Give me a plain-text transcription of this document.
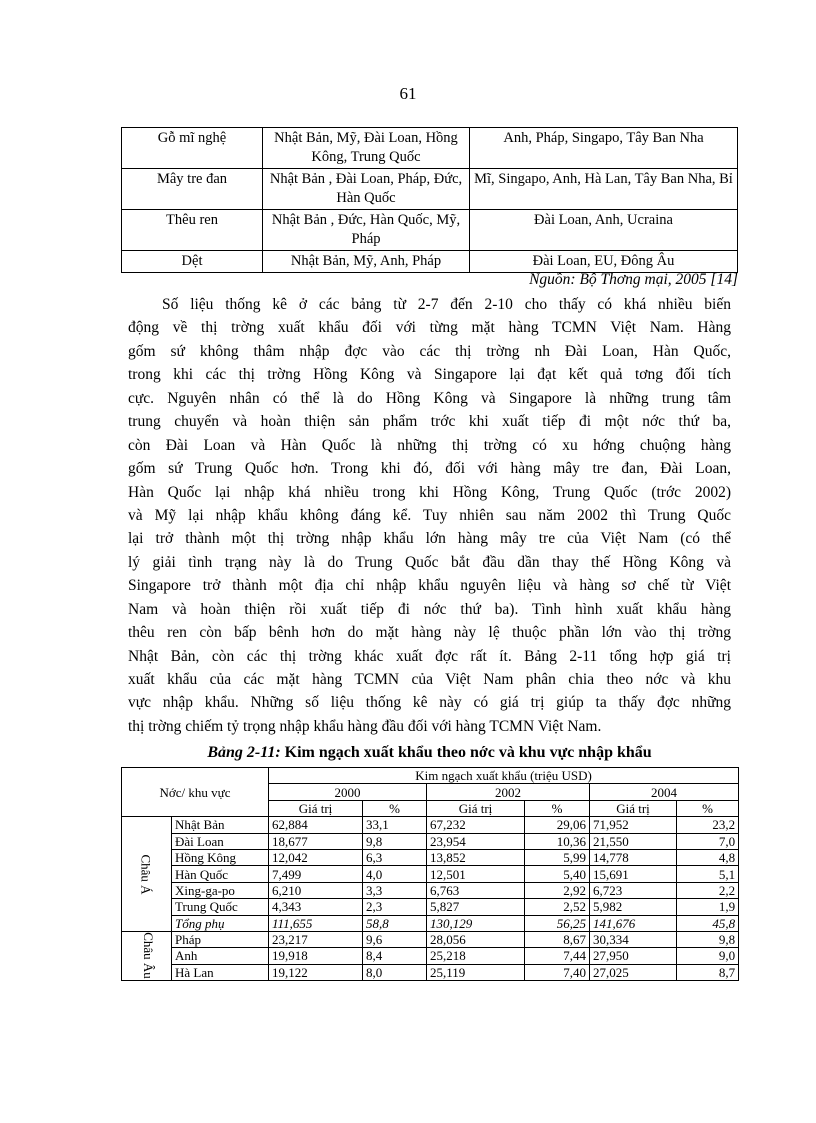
61
Gỗ mĩ nghệ	Nhật Bản, Mỹ, Đài Loan, Hồng Kông, Trung Quốc	Anh, Pháp, Singapo, Tây Ban Nha
Mây tre đan	Nhật Bản , Đài Loan, Pháp, Đức, Hàn Quốc	Mĩ, Singapo, Anh, Hà Lan, Tây Ban Nha, Bỉ
Thêu ren	Nhật Bản , Đức, Hàn Quốc, Mỹ, Pháp	Đài Loan, Anh, Ucraina
Dệt	Nhật Bản, Mỹ, Anh, Pháp	Đài Loan, EU, Đông Âu
Nguồn: Bộ Thơng mại, 2005 [14]
Số liệu thống kê ở các bảng từ 2-7 đến 2-10 cho thấy có khá nhiều biến
động về thị trờng xuất khẩu đối với từng mặt hàng TCMN Việt Nam. Hàng
gốm sứ không thâm nhập đợc vào các thị trờng nh Đài Loan, Hàn Quốc,
trong khi các thị trờng Hồng Kông và Singapore lại đạt kết quả tơng đối tích
cực. Nguyên nhân có thể là do Hồng Kông và Singapore là những trung tâm
trung chuyển và hoàn thiện sản phẩm trớc khi xuất tiếp đi một nớc thứ ba,
còn Đài Loan và Hàn Quốc là những thị trờng có xu hớng chuộng hàng
gốm sứ Trung Quốc hơn. Trong khi đó, đối với hàng mây tre đan, Đài Loan,
Hàn Quốc lại nhập khá nhiều trong khi Hồng Kông, Trung Quốc (trớc 2002)
và Mỹ lại nhập khẩu không đáng kể. Tuy nhiên sau năm 2002 thì Trung Quốc
lại trở thành một thị trờng nhập khẩu lớn hàng mây tre của Việt Nam (có thể
lý giải tình trạng này là do Trung Quốc bắt đầu dần thay thế Hồng Kông và
Singapore trở thành một địa chỉ nhập khẩu nguyên liệu và hàng sơ chế từ Việt
Nam và hoàn thiện rồi xuất tiếp đi nớc thứ ba). Tình hình xuất khẩu hàng
thêu ren còn bấp bênh hơn do mặt hàng này lệ thuộc phần lớn vào thị trờng
Nhật Bản, còn các thị trờng khác xuất đợc rất ít. Bảng 2-11 tổng hợp giá trị
xuất khẩu của các mặt hàng TCMN của Việt Nam phân chia theo nớc và khu
vực nhập khẩu. Những số liệu thống kê này có giá trị giúp ta thấy đợc những
thị trờng chiếm tỷ trọng nhập khẩu hàng đầu đối với hàng TCMN Việt Nam.
Bảng 2-11: Kim ngạch xuất khẩu theo nớc và khu vực nhập khẩu
Nớc/ khu vực		Kim ngạch xuất khẩu (triệu USD)					
		2000		2002		2004	
		Giá trị	%	Giá trị	%	Giá trị	%
Châu Á	Nhật Bản	62,884	33,1	67,232	29,06	71,952	23,2
	Đài Loan	18,677	9,8	23,954	10,36	21,550	7,0
	Hồng Kông	12,042	6,3	13,852	5,99	14,778	4,8
	Hàn Quốc	7,499	4,0	12,501	5,40	15,691	5,1
	Xing-ga-po	6,210	3,3	6,763	2,92	6,723	2,2
	Trung Quốc	4,343	2,3	5,827	2,52	5,982	1,9
	Tổng phụ	111,655	58,8	130,129	56,25	141,676	45,8
Châu Âu	Pháp	23,217	9,6	28,056	8,67	30,334	9,8
	Anh	19,918	8,4	25,218	7,44	27,950	9,0
	Hà Lan	19,122	8,0	25,119	7,40	27,025	8,7
